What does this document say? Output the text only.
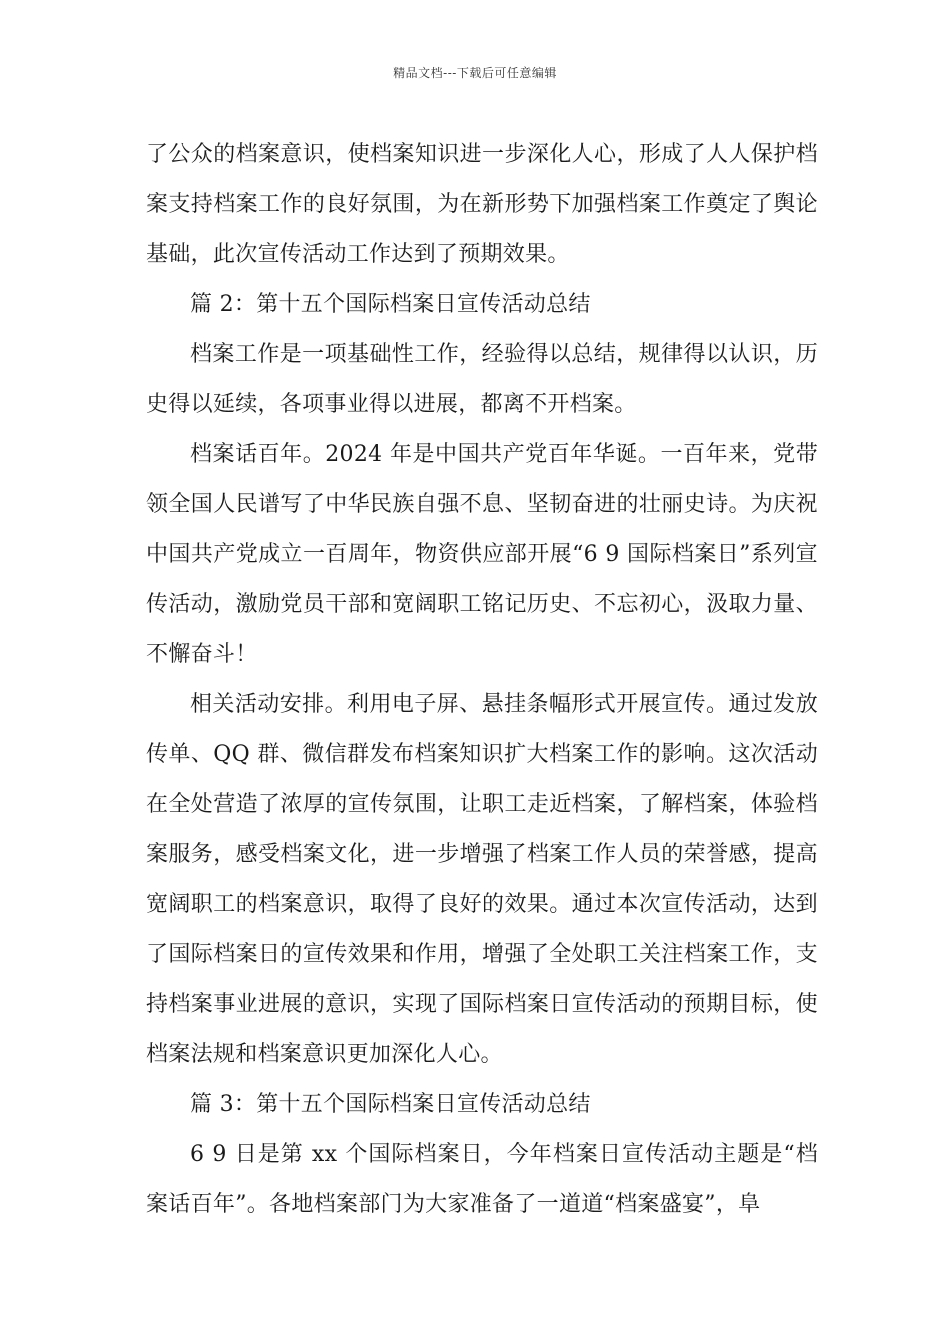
精品文档---下载后可任意编辑

了公众的档案意识，使档案知识进一步深化人心，形成了人人保护档案支持档案工作的良好氛围，为在新形势下加强档案工作奠定了舆论基础，此次宣传活动工作达到了预期效果。

篇 2：第十五个国际档案日宣传活动总结

档案工作是一项基础性工作，经验得以总结，规律得以认识，历史得以延续，各项事业得以进展，都离不开档案。

档案话百年。2024 年是中国共产党百年华诞。一百年来，党带领全国人民谱写了中华民族自强不息、坚韧奋进的壮丽史诗。为庆祝中国共产党成立一百周年，物资供应部开展“6 9 国际档案日”系列宣传活动，激励党员干部和宽阔职工铭记历史、不忘初心，汲取力量、不懈奋斗！

相关活动安排。利用电子屏、悬挂条幅形式开展宣传。通过发放传单、QQ 群、微信群发布档案知识扩大档案工作的影响。这次活动在全处营造了浓厚的宣传氛围，让职工走近档案，了解档案，体验档案服务，感受档案文化，进一步增强了档案工作人员的荣誉感，提高宽阔职工的档案意识，取得了良好的效果。通过本次宣传活动，达到了国际档案日的宣传效果和作用，增强了全处职工关注档案工作，支持档案事业进展的意识，实现了国际档案日宣传活动的预期目标，使档案法规和档案意识更加深化人心。

篇 3：第十五个国际档案日宣传活动总结

6 9 日是第 xx 个国际档案日，今年档案日宣传活动主题是“档案话百年”。各地档案部门为大家准备了一道道“档案盛宴”，阜
